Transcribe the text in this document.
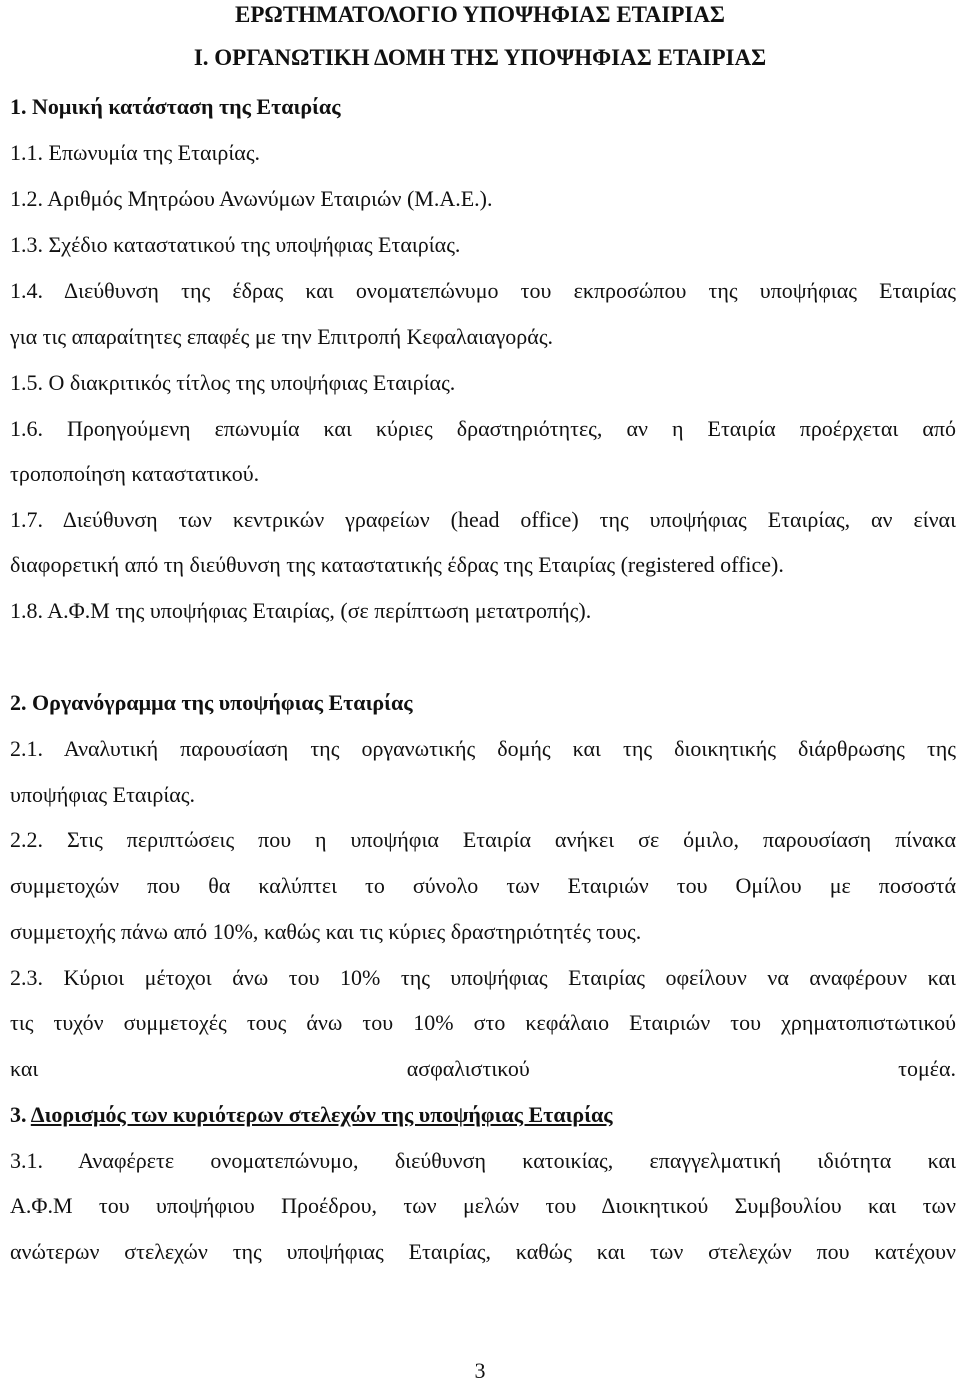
ΕΡΩΤΗΜΑΤΟΛΟΓΙΟ ΥΠΟΨΗΦΙΑΣ ΕΤΑΙΡΙΑΣ
Ι. ΟΡΓΑΝΩΤΙΚΗ ΔΟΜΗ ΤΗΣ ΥΠΟΨΗΦΙΑΣ ΕΤΑΙΡΙΑΣ
1. Νομική κατάσταση της Εταιρίας
1.1. Επωνυμία της Εταιρίας.
1.2. Αριθμός Μητρώου Ανωνύμων Εταιριών (Μ.Α.Ε.).
1.3. Σχέδιο καταστατικού της υποψήφιας Εταιρίας.
1.4. Διεύθυνση της έδρας και ονοματεπώνυμο του εκπροσώπου της υποψήφιας Εταιρίας
για τις απαραίτητες επαφές με την Επιτροπή Κεφαλαιαγοράς.
1.5. Ο διακριτικός τίτλος της υποψήφιας Εταιρίας.
1.6. Προηγούμενη επωνυμία και κύριες δραστηριότητες, αν η Εταιρία προέρχεται από
τροποποίηση καταστατικού.
1.7. Διεύθυνση των κεντρικών γραφείων (head office) της υποψήφιας Εταιρίας, αν είναι
διαφορετική από τη διεύθυνση της καταστατικής έδρας της Εταιρίας (registered office).
1.8. Α.Φ.Μ της υποψήφιας Εταιρίας, (σε περίπτωση μετατροπής).
2. Οργανόγραμμα της υποψήφιας Εταιρίας
2.1. Αναλυτική παρουσίαση της οργανωτικής δομής και της διοικητικής διάρθρωσης της
υποψήφιας Εταιρίας.
2.2. Στις περιπτώσεις που η υποψήφια Εταιρία ανήκει σε όμιλο, παρουσίαση πίνακα
συμμετοχών που θα καλύπτει το σύνολο των Εταιριών του Ομίλου με ποσοστά
συμμετοχής πάνω από 10%, καθώς και τις κύριες δραστηριότητές τους.
2.3. Κύριοι μέτοχοι άνω του 10% της υποψήφιας Εταιρίας οφείλουν να αναφέρουν και
τις τυχόν συμμετοχές τους άνω του 10% στο κεφάλαιο Εταιριών του χρηματοπιστωτικού
και ασφαλιστικού τομέα.
3. Διορισμός των κυριότερων στελεχών της υποψήφιας Εταιρίας
3.1. Αναφέρετε ονοματεπώνυμο, διεύθυνση κατοικίας, επαγγελματική ιδιότητα και
Α.Φ.Μ του υποψήφιου Προέδρου, των μελών του Διοικητικού Συμβουλίου και των
ανώτερων στελεχών της υποψήφιας Εταιρίας, καθώς και των στελεχών που κατέχουν
3
